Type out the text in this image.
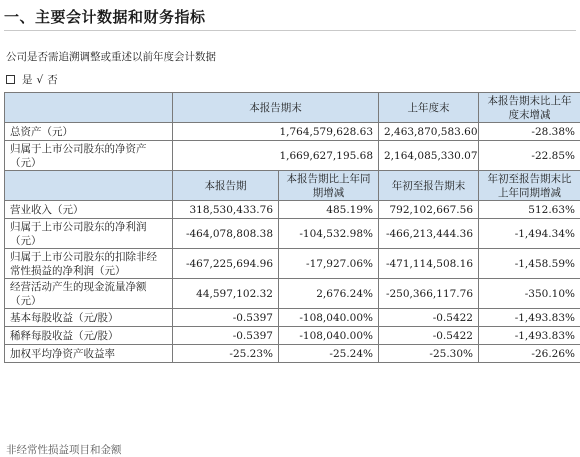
一、主要会计数据和财务指标
公司是否需追溯调整或重述以前年度会计数据
是 √ 否
	本报告期末		上年度末	本报告期末比上年度末增减
总资产（元）	1,764,579,628.63		2,463,870,583.60	-28.38%
归属于上市公司股东的净资产（元）	1,669,627,195.68		2,164,085,330.07	-22.85%
	本报告期	本报告期比上年同期增减	年初至报告期末	年初至报告期末比上年同期增减
营业收入（元）	318,530,433.76	485.19%	792,102,667.56	512.63%
归属于上市公司股东的净利润（元）	-464,078,808.38	-104,532.98%	-466,213,444.36	-1,494.34%
归属于上市公司股东的扣除非经常性损益的净利润（元）	-467,225,694.96	-17,927.06%	-471,114,508.16	-1,458.59%
经营活动产生的现金流量净额（元）	44,597,102.32	2,676.24%	-250,366,117.76	-350.10%
基本每股收益（元/股）	-0.5397	-108,040.00%	-0.5422	-1,493.83%
稀释每股收益（元/股）	-0.5397	-108,040.00%	-0.5422	-1,493.83%
加权平均净资产收益率	-25.23%	-25.24%	-25.30%	-26.26%
非经常性损益项目和金额
